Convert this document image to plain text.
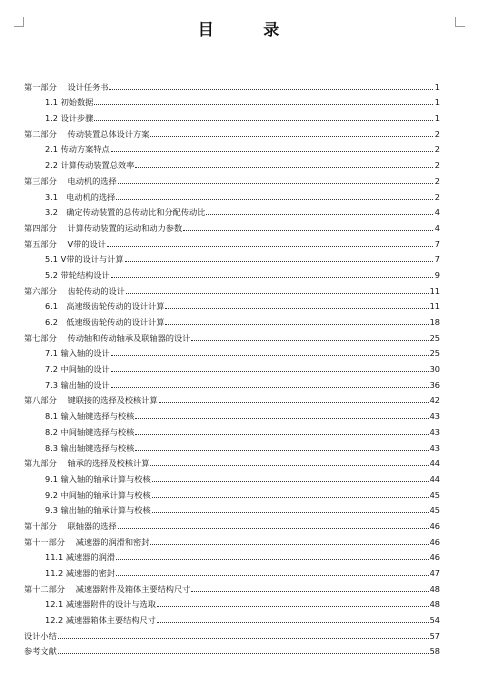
目 录
第一部分　 设计任务书	1
1.1 初始数据	1
1.2 设计步骤	1
第二部分　 传动装置总体设计方案	2
2.1 传动方案特点	2
2.2 计算传动装置总效率	2
第三部分　 电动机的选择	2
3.1　电动机的选择	2
3.2　确定传动装置的总传动比和分配传动比	4
第四部分　 计算传动装置的运动和动力参数	4
第五部分　 V带的设计	7
5.1 V带的设计与计算	7
5.2 带轮结构设计	9
第六部分　 齿轮传动的设计	11
6.1　高速级齿轮传动的设计计算	11
6.2　低速级齿轮传动的设计计算	18
第七部分　 传动轴和传动轴承及联轴器的设计	25
7.1 输入轴的设计	25
7.2 中间轴的设计	30
7.3 输出轴的设计	36
第八部分　 键联接的选择及校核计算	42
8.1 输入轴键选择与校核	43
8.2 中间轴键选择与校核	43
8.3 输出轴键选择与校核	43
第九部分　 轴承的选择及校核计算	44
9.1 输入轴的轴承计算与校核	44
9.2 中间轴的轴承计算与校核	45
9.3 输出轴的轴承计算与校核	45
第十部分　 联轴器的选择	46
第十一部分　 减速器的润滑和密封	46
11.1 减速器的润滑	46
11.2 减速器的密封	47
第十二部分　 减速器附件及箱体主要结构尺寸	48
12.1 减速器附件的设计与选取	48
12.2 减速器箱体主要结构尺寸	54
设计小结	57
参考文献	58
